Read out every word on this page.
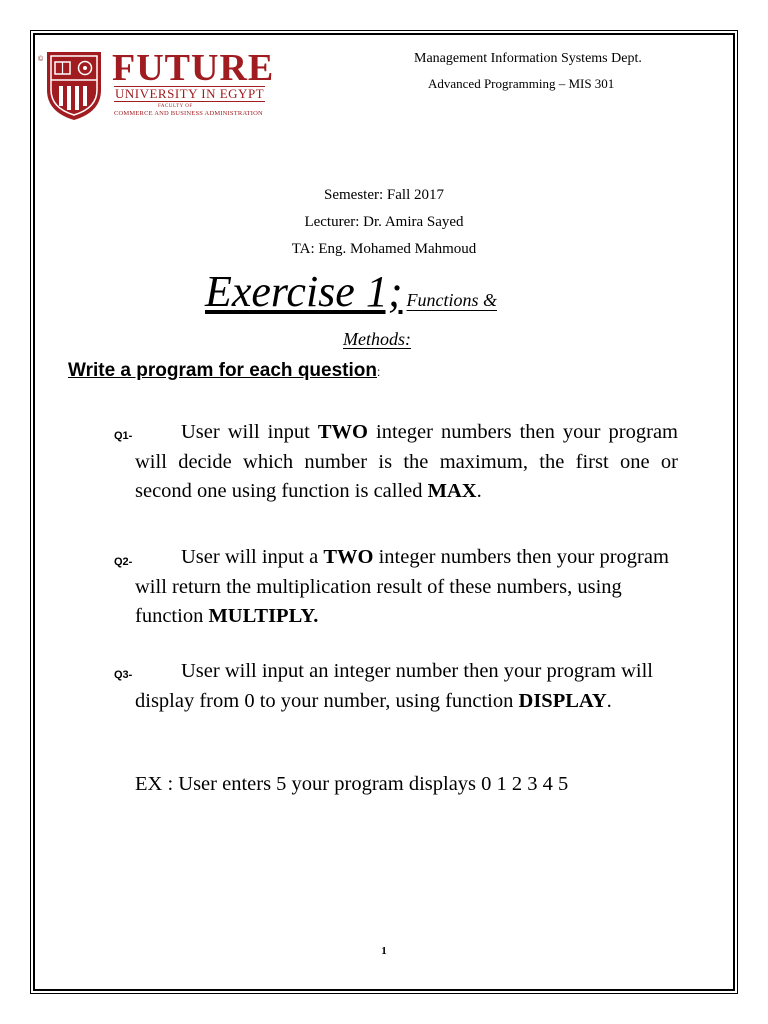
© FUTURE
UNIVERSITY IN EGYPT
FACULTY OF
COMMERCE AND BUSINESS ADMINISTRATION
Management Information Systems Dept.
Advanced Programming – MIS 301
Semester: Fall 2017
Lecturer: Dr. Amira Sayed
TA: Eng. Mohamed Mahmoud
Exercise 1; Functions &
Methods:
Write a program for each question:
Q1-	User will input TWO integer numbers then your program will decide which number is the maximum, the first one or second one using function is called MAX.
Q2-	User will input a TWO integer numbers then your program will return the multiplication result of these numbers, using function MULTIPLY.
Q3-	User will input an integer number then your program will display from 0 to your number, using function DISPLAY.
EX : User enters 5 your program displays 0 1 2 3 4 5
1
